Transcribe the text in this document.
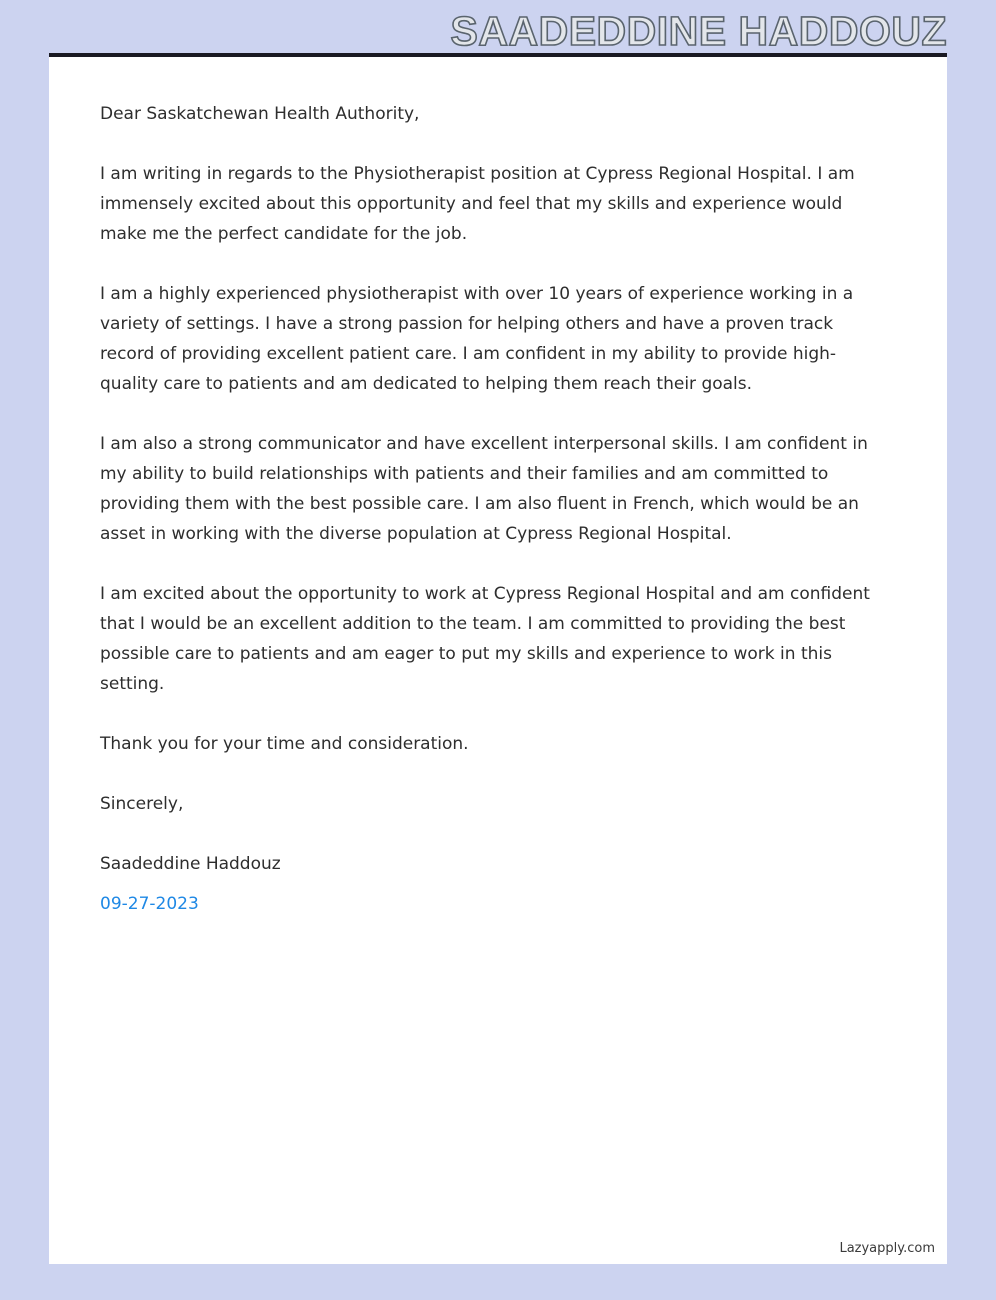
SAADEDDINE HADDOUZ

Dear Saskatchewan Health Authority,

I am writing in regards to the Physiotherapist position at Cypress Regional Hospital. I am immensely excited about this opportunity and feel that my skills and experience would make me the perfect candidate for the job.

I am a highly experienced physiotherapist with over 10 years of experience working in a variety of settings. I have a strong passion for helping others and have a proven track record of providing excellent patient care. I am confident in my ability to provide high-quality care to patients and am dedicated to helping them reach their goals.

I am also a strong communicator and have excellent interpersonal skills. I am confident in my ability to build relationships with patients and their families and am committed to providing them with the best possible care. I am also fluent in French, which would be an asset in working with the diverse population at Cypress Regional Hospital.

I am excited about the opportunity to work at Cypress Regional Hospital and am confident that I would be an excellent addition to the team. I am committed to providing the best possible care to patients and am eager to put my skills and experience to work in this setting.

Thank you for your time and consideration.

Sincerely,

Saadeddine Haddouz

09-27-2023

Lazyapply.com
